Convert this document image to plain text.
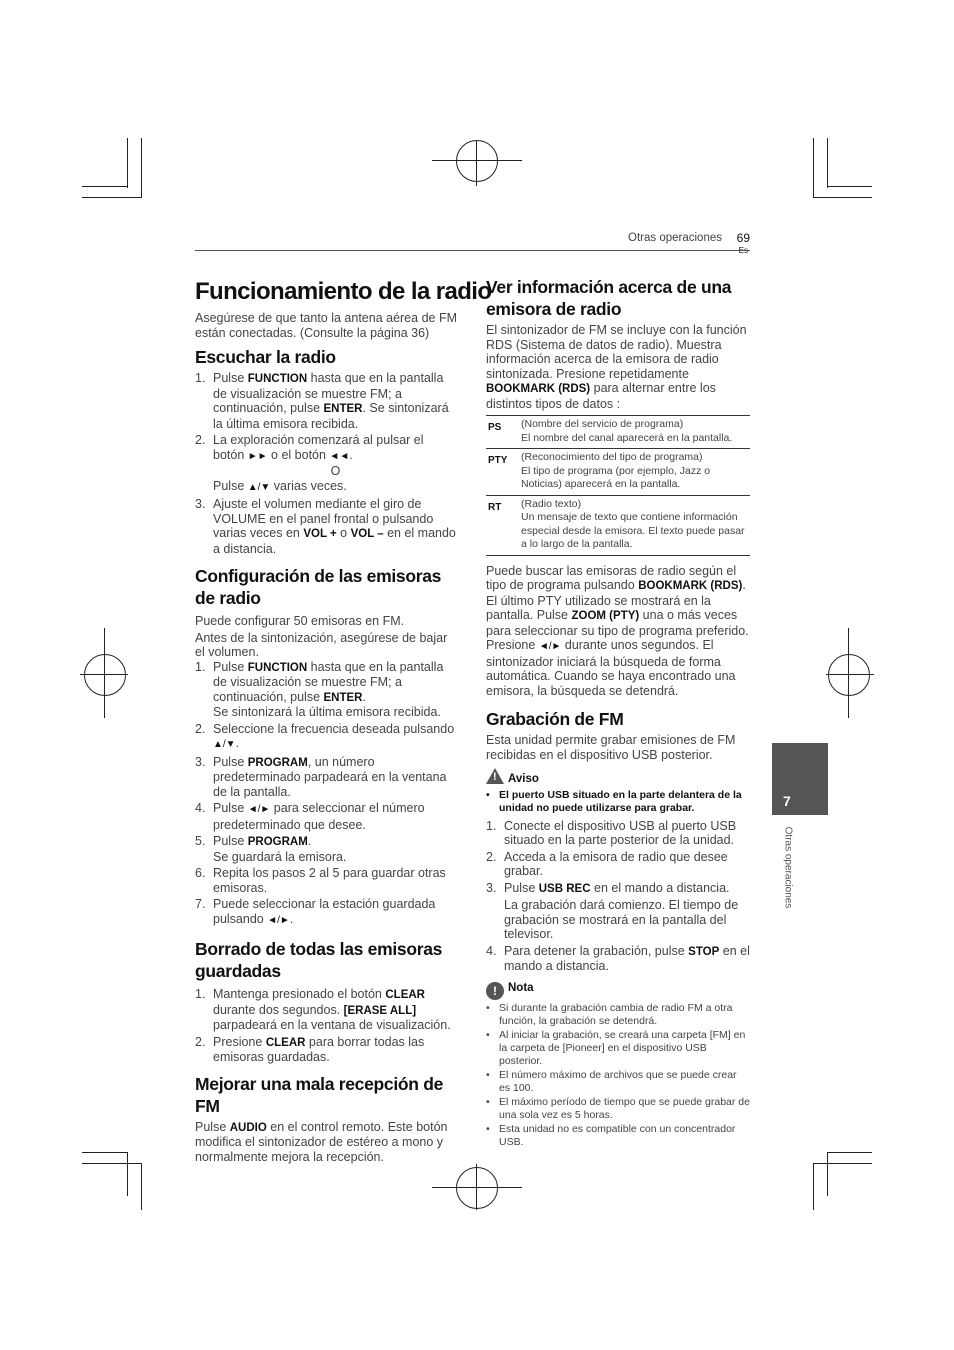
Otras operaciones 69
7
Otras operaciones
Funcionamiento de la radio

Asegúrese de que tanto la antena aérea de FM están conectadas. (Consulte la página 36)

Escuchar la radio
1. Pulse FUNCTION hasta que en la pantalla de visualización se muestre FM; a continuación, pulse ENTER. Se sintonizará la última emisora recibida.
2. La exploración comenzará al pulsar el botón ►► o el botón ◄◄.

O
Pulse ▲/▼ varias veces.
3. Ajuste el volumen mediante el giro de VOLUME en el panel frontal o pulsando varias veces en VOL + o VOL – en el mando a distancia.
Configuración de las emisoras de radio

Puede configurar 50 emisoras en FM.

Antes de la sintonización, asegúrese de bajar el volumen.

1. Pulse FUNCTION hasta que en la pantalla de visualización se muestre FM; a continuación, pulse ENTER.
Se sintonizará la última emisora recibida.
2. Seleccione la frecuencia deseada pulsando ▲/▼.
3. Pulse PROGRAM, un número predeterminado parpadeará en la ventana de la pantalla.
4. Pulse ◄/► para seleccionar el número predeterminado que desee.
5. Pulse PROGRAM.
Se guardará la emisora.
6. Repita los pasos 2 al 5 para guardar otras emisoras.
7. Puede seleccionar la estación guardada pulsando ◄/►.
Borrado de todas las emisoras guardadas
1. Mantenga presionado el botón CLEAR durante dos segundos. [ERASE ALL] parpadeará en la ventana de visualización.
2. Presione CLEAR para borrar todas las emisoras guardadas.
Mejorar una mala recepción de FM

Pulse AUDIO en el control remoto. Este botón modifica el sintonizador de estéreo a mono y normalmente mejora la recepción.

Ver información acerca de una emisora de radio

El sintonizador de FM se incluye con la función RDS (Sistema de datos de radio). Muestra información acerca de la emisora de radio sintonizada. Presione repetidamente BOOKMARK (RDS) para alternar entre los distintos tipos de datos :

PS	(Nombre del servicio de programa)
El nombre del canal aparecerá en la pantalla.
PTY	(Reconocimiento del tipo de programa)
El tipo de programa (por ejemplo, Jazz o Noticias) aparecerá en la pantalla.
RT	(Radio texto)
Un mensaje de texto que contiene información especial desde la emisora. El texto puede pasar a lo largo de la pantalla.

Puede buscar las emisoras de radio según el tipo de programa pulsando BOOKMARK (RDS). El último PTY utilizado se mostrará en la pantalla. Pulse ZOOM (PTY) una o más veces para seleccionar su tipo de programa preferido. Presione ◄/► durante unos segundos. El sintonizador iniciará la búsqueda de forma automática. Cuando se haya encontrado una emisora, la búsqueda se detendrá.

Grabación de FM

Esta unidad permite grabar emisiones de FM recibidas en el dispositivo USB posterior.

!Aviso
• El puerto USB situado en la parte delantera de la unidad no puede utilizarse para grabar.
1. Conecte el dispositivo USB al puerto USB situado en la parte posterior de la unidad.
2. Acceda a la emisora de radio que desee grabar.
3. Pulse USB REC en el mando a distancia.

La grabación dará comienzo. El tiempo de grabación se mostrará en la pantalla del televisor.
4. Para detener la grabación, pulse STOP en el mando a distancia.
! Nota
• Si durante la grabación cambia de radio FM a otra función, la grabación se detendrá.
• Al iniciar la grabación, se creará una carpeta [FM] en la carpeta de [Pioneer] en el dispositivo USB posterior.
• El número máximo de archivos que se puede crear es 100.
• El máximo período de tiempo que se puede grabar de una sola vez es 5 horas.
• Esta unidad no es compatible con un concentrador USB.
